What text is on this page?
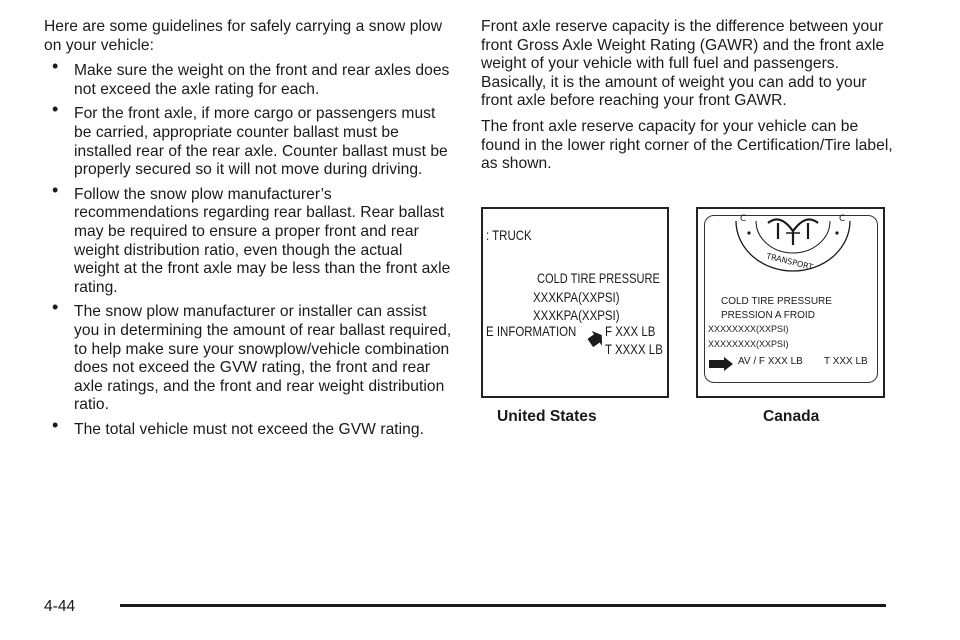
Here are some guidelines for safely carrying a snow plow on your vehicle:

• Make sure the weight on the front and rear axles does not exceed the axle rating for each.
• For the front axle, if more cargo or passengers must be carried, appropriate counter ballast must be installed rear of the rear axle. Counter ballast must be properly secured so it will not move during driving.
• Follow the snow plow manufacturer’s recommendations regarding rear ballast. Rear ballast may be required to ensure a proper front and rear weight distribution ratio, even though the actual weight at the front axle may be less than the front axle rating.
• The snow plow manufacturer or installer can assist you in determining the amount of rear ballast required, to help make sure your snowplow/vehicle combination does not exceed the GVW rating, the front and rear axle ratings, and the front and rear weight distribution ratio.
• The total vehicle must not exceed the GVW rating.

Front axle reserve capacity is the difference between your front Gross Axle Weight Rating (GAWR) and the front axle weight of your vehicle with full fuel and passengers. Basically, it is the amount of weight you can add to your front axle before reaching your front GAWR.

The front axle reserve capacity for your vehicle can be found in the lower right corner of the Certification/Tire label, as shown.

: TRUCK
COLD TIRE PRESSURE
XXXKPA(XXPSI)
XXXKPA(XXPSI)
E INFORMATION F XXX LB
T XXXX LB
C	C
TRANSPORT
COLD TIRE PRESSURE
PRESSION A FROID
XXXXXXXX(XXPSI)
XXXXXXXX(XXPSI)
AV / F XXX LB T XXX LB
United States	Canada
4-44
